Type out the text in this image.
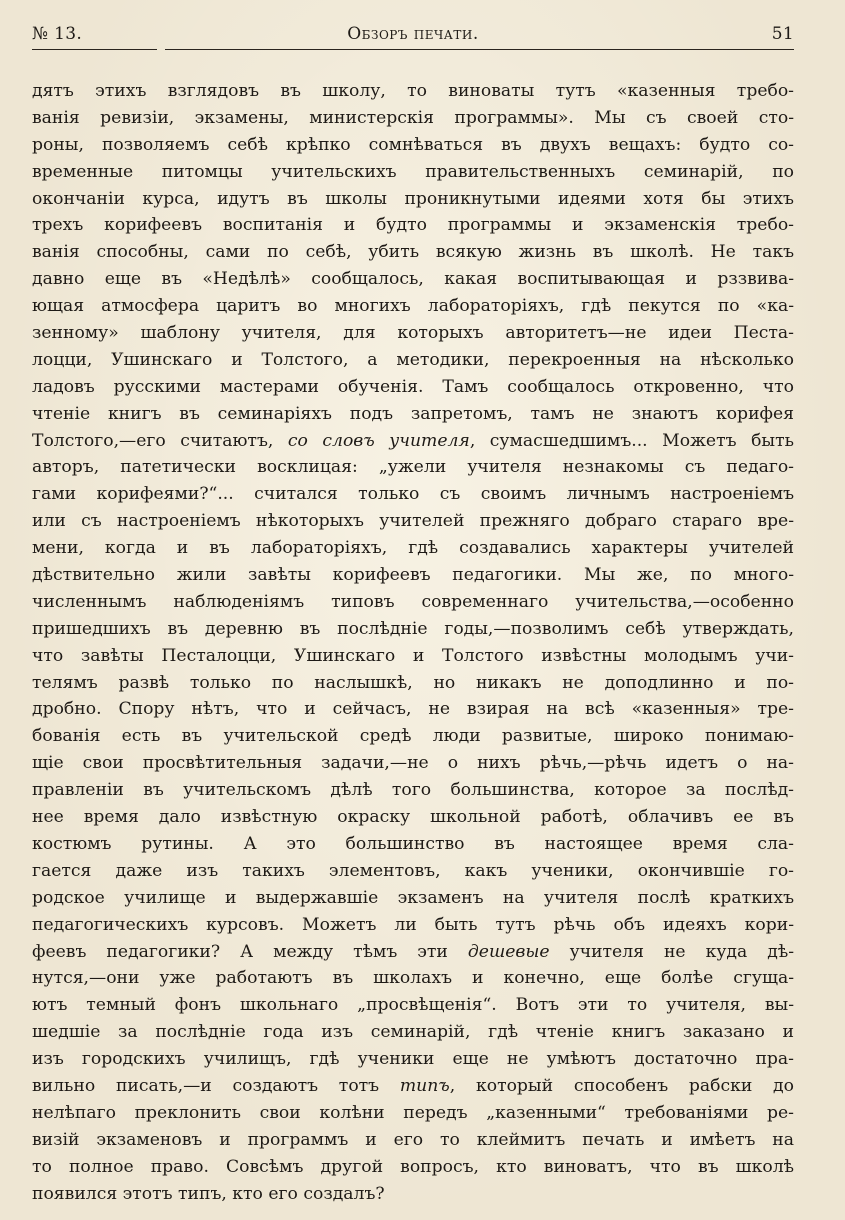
№ 13.	Обзоръ печати.	51
дятъ этихъ взглядовъ въ школу, то виноваты тутъ «казенныя требо-
ванія ревизіи, экзамены, министерскія программы». Мы съ своей сто-
роны, позволяемъ себѣ крѣпко сомнѣваться въ двухъ вещахъ: будто со-
временные питомцы учительскихъ правительственныхъ семинарій, по
окончаніи курса, идутъ въ школы проникнутыми идеями хотя бы этихъ
трехъ корифеевъ воспитанія и будто программы и экзаменскія требо-
ванія способны, сами по себѣ, убить всякую жизнь въ школѣ. Не такъ
давно еще въ «Недѣлѣ» сообщалось, какая воспитывающая и рззвива-
ющая атмосфера царитъ во многихъ лабораторіяхъ, гдѣ пекутся по «ка-
зенному» шаблону учителя, для которыхъ авторитетъ—не идеи Песта-
лоцци, Ушинскаго и Толстого, а методики, перекроенныя на нѣсколько
ладовъ русскими мастерами обученія. Тамъ сообщалось откровенно, что
чтеніе книгъ въ семинаріяхъ подъ запретомъ, тамъ не знаютъ корифея
Толстого,—его считаютъ, со словъ учителя, сумасшедшимъ... Можетъ быть
авторъ, патетически восклицая: „ужели учителя незнакомы съ педаго-
гами корифеями?“... считался только съ своимъ личнымъ настроеніемъ
или съ настроеніемъ нѣкоторыхъ учителей прежняго добраго стараго вре-
мени, когда и въ лабораторіяхъ, гдѣ создавались характеры учителей
дѣствительно жили завѣты корифеевъ педагогики. Мы же, по много-
численнымъ наблюденіямъ типовъ современнаго учительства,—особенно
пришедшихъ въ деревню въ послѣдніе годы,—позволимъ себѣ утверждать,
что завѣты Песталоцци, Ушинскаго и Толстого извѣстны молодымъ учи-
телямъ развѣ только по наслышкѣ, но никакъ не доподлинно и по-
дробно. Спору нѣтъ, что и сейчасъ, не взирая на всѣ «казенныя» тре-
бованія есть въ учительской средѣ люди развитые, широко понимаю-
щіе свои просвѣтительныя задачи,—не о нихъ рѣчь,—рѣчь идетъ о на-
правленіи въ учительскомъ дѣлѣ того большинства, которое за послѣд-
нее время дало извѣстную окраску школьной работѣ, облачивъ ее въ
костюмъ рутины. А это большинство въ настоящее время сла-
гается даже изъ такихъ элементовъ, какъ ученики, окончившіе го-
родское училище и выдержавшіе экзаменъ на учителя послѣ краткихъ
педагогическихъ курсовъ. Можетъ ли быть тутъ рѣчь объ идеяхъ кори-
феевъ педагогики? А между тѣмъ эти дешевые учителя не куда дѣ-
нутся,—они уже работаютъ въ школахъ и конечно, еще болѣе сгуща-
ютъ темный фонъ школьнаго „просвѣщенія“. Вотъ эти то учителя, вы-
шедшіе за послѣдніе года изъ семинарій, гдѣ чтеніе книгъ заказано и
изъ городскихъ училищъ, гдѣ ученики еще не умѣютъ достаточно пра-
вильно писать,—и создаютъ тотъ типъ, который способенъ рабски до
нелѣпаго преклонить свои колѣни передъ „казенными“ требованіями ре-
визій экзаменовъ и программъ и его то клеймитъ печать и имѣетъ на
то полное право. Совсѣмъ другой вопросъ, кто виноватъ, что въ школѣ
появился этотъ типъ, кто его создалъ?
